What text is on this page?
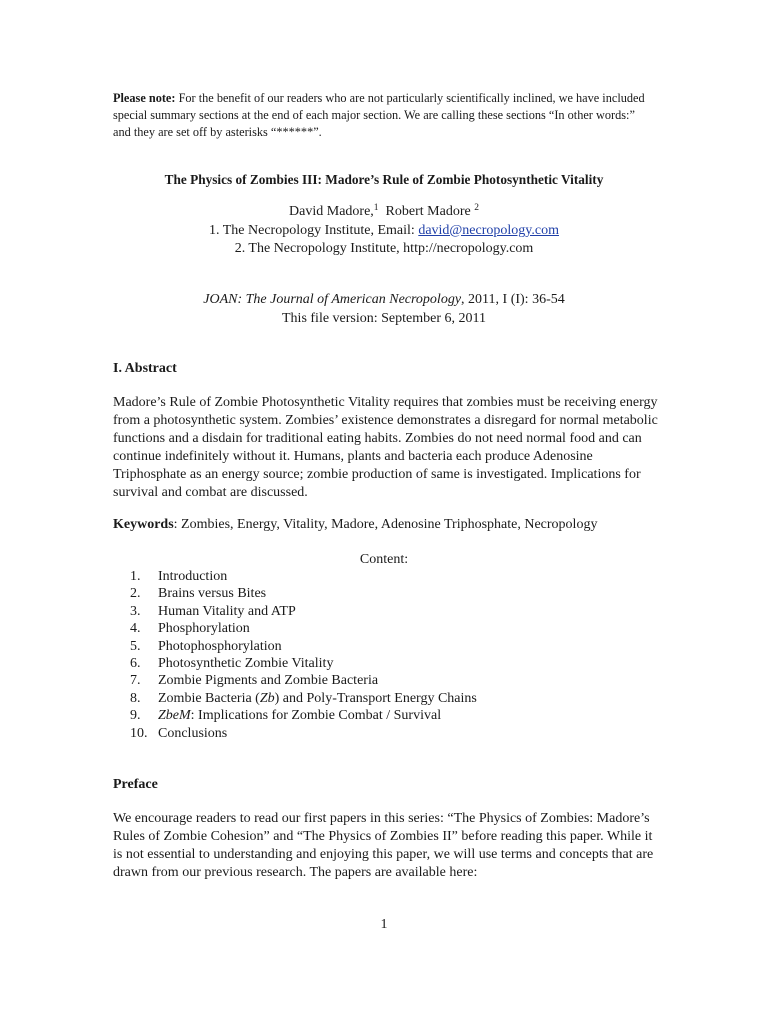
Please note: For the benefit of our readers who are not particularly scientifically inclined, we have included special summary sections at the end of each major section. We are calling these sections “In other words:” and they are set off by asterisks “******”.
The Physics of Zombies III: Madore’s Rule of Zombie Photosynthetic Vitality
David Madore,$^1$ Robert Madore $^2$
1. The Necropology Institute, Email: david@necropology.com
2. The Necropology Institute, http://necropology.com
JOAN: The Journal of American Necropology, 2011, I (I): 36-54
This file version: September 6, 2011
I. Abstract
Madore’s Rule of Zombie Photosynthetic Vitality requires that zombies must be receiving energy from a photosynthetic system. Zombies’ existence demonstrates a disregard for normal metabolic functions and a disdain for traditional eating habits. Zombies do not need normal food and can continue indefinitely without it. Humans, plants and bacteria each produce Adenosine Triphosphate as an energy source; zombie production of same is investigated. Implications for survival and combat are discussed.
Keywords: Zombies, Energy, Vitality, Madore, Adenosine Triphosphate, Necropology
Content:
1.	Introduction
2.	Brains versus Bites
3.	Human Vitality and ATP
4.	Phosphorylation
5.	Photophosphorylation
6.	Photosynthetic Zombie Vitality
7.	Zombie Pigments and Zombie Bacteria
8.	Zombie Bacteria (Zb) and Poly-Transport Energy Chains
9.	ZbeM: Implications for Zombie Combat / Survival
10. Conclusions
Preface
We encourage readers to read our first papers in this series: “The Physics of Zombies: Madore’s Rules of Zombie Cohesion” and “The Physics of Zombies II” before reading this paper. While it is not essential to understanding and enjoying this paper, we will use terms and concepts that are drawn from our previous research. The papers are available here:
1
